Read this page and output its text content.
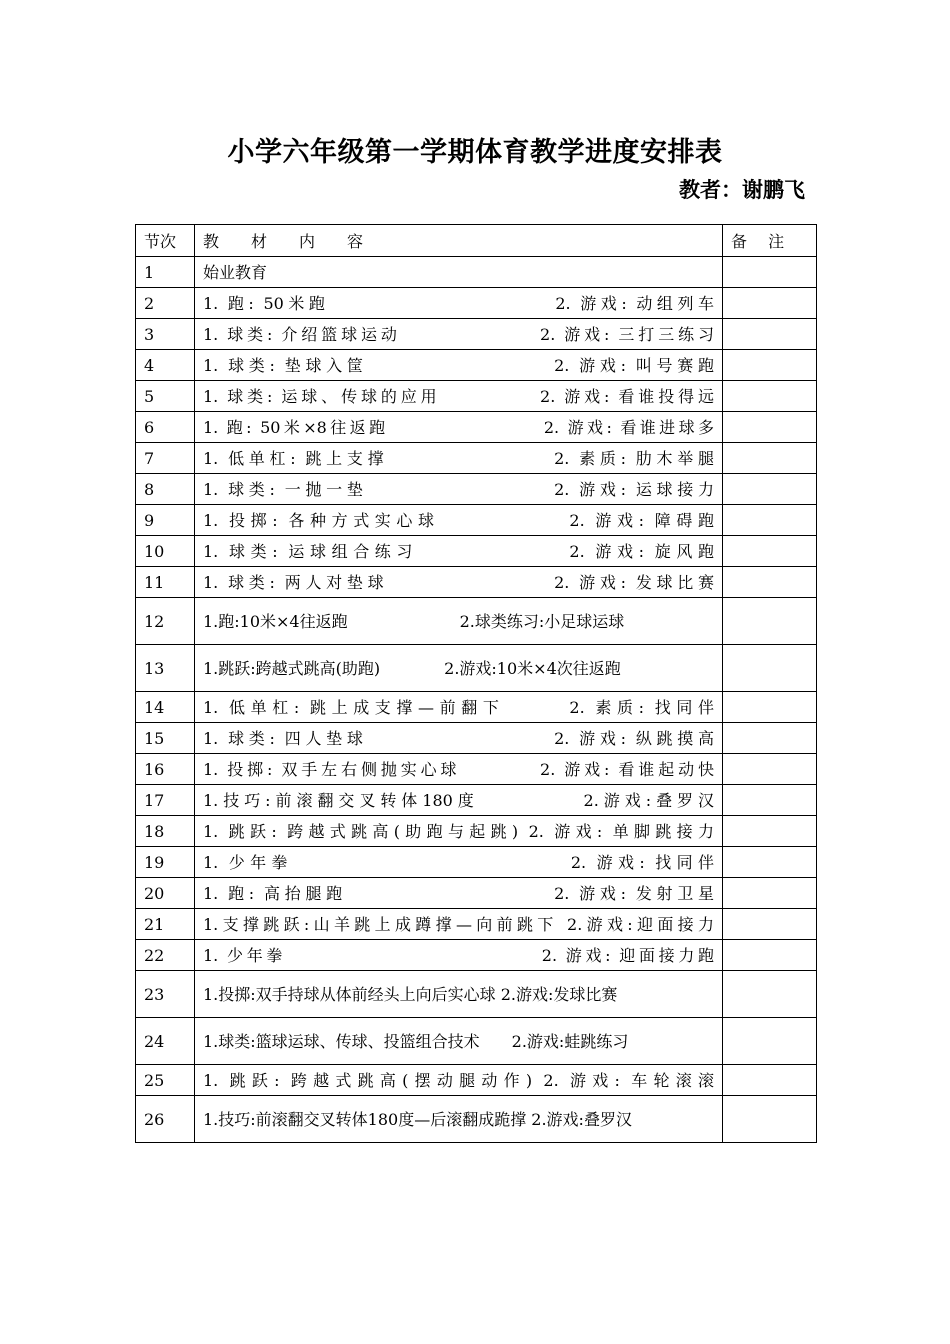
小学六年级第一学期体育教学进度安排表
教者：谢鹏飞
节次	教　　材　　内　　容	备 注
1	始业教育	
2	1. 跑: 50米跑　　　　　　　　　　　2. 游戏: 动组列车	
3	1. 球类: 介绍篮球运动　　　　　　　2. 游戏: 三打三练习	
4	1. 球类: 垫球入筐　　　　　　　　　2. 游戏: 叫号赛跑	
5	1. 球类: 运球、传球的应用　　　　　2. 游戏: 看谁投得远	
6	1. 跑: 50米×8往返跑　　　　　　　　2. 游戏: 看谁进球多	
7	1. 低单杠: 跳上支撑　　　　　　　　2. 素质: 肋木举腿	
8	1. 球类: 一抛一垫　　　　　　　　　2. 游戏: 运球接力	
9	1. 投掷: 各种方式实心球　　　　　　2. 游戏: 障碍跑	
10	1. 球类: 运球组合练习　　　　　　　2. 游戏: 旋风跑	
11	1. 球类: 两人对垫球　　　　　　　　2. 游戏: 发球比赛	
12	1.跑:10米×4往返跑　　　　　　　2.球类练习:小足球运球	
13	1.跳跃:跨越式跳高(助跑)　　　　2.游戏:10米×4次往返跑	
14	1. 低单杠: 跳上成支撑—前翻下　　　2. 素质: 找同伴	
15	1. 球类: 四人垫球　　　　　　　　　2. 游戏: 纵跳摸高	
16	1. 投掷: 双手左右侧抛实心球　　　　2. 游戏: 看谁起动快	
17	1.技巧:前滚翻交叉转体180度　　　　　2.游戏:叠罗汉	
18	1. 跳跃: 跨越式跳高(助跑与起跳) 2. 游戏: 单脚跳接力	
19	1. 少年拳　　　　　　　　　　　　　2. 游戏: 找同伴	
20	1. 跑: 高抬腿跑　　　　　　　　　　2. 游戏: 发射卫星	
21	1.支撑跳跃:山羊跳上成蹲撑—向前跳下 2.游戏:迎面接力	
22	1. 少年拳　　　　　　　　　　　　　2. 游戏: 迎面接力跑	
23	1.投掷:双手持球从体前经头上向后实心球 2.游戏:发球比赛	
24	1.球类:篮球运球、传球、投篮组合技术　　2.游戏:蛙跳练习	
25	1. 跳跃: 跨越式跳高(摆动腿动作) 2. 游戏: 车轮滚滚	
26	1.技巧:前滚翻交叉转体180度—后滚翻成跪撑 2.游戏:叠罗汉	
